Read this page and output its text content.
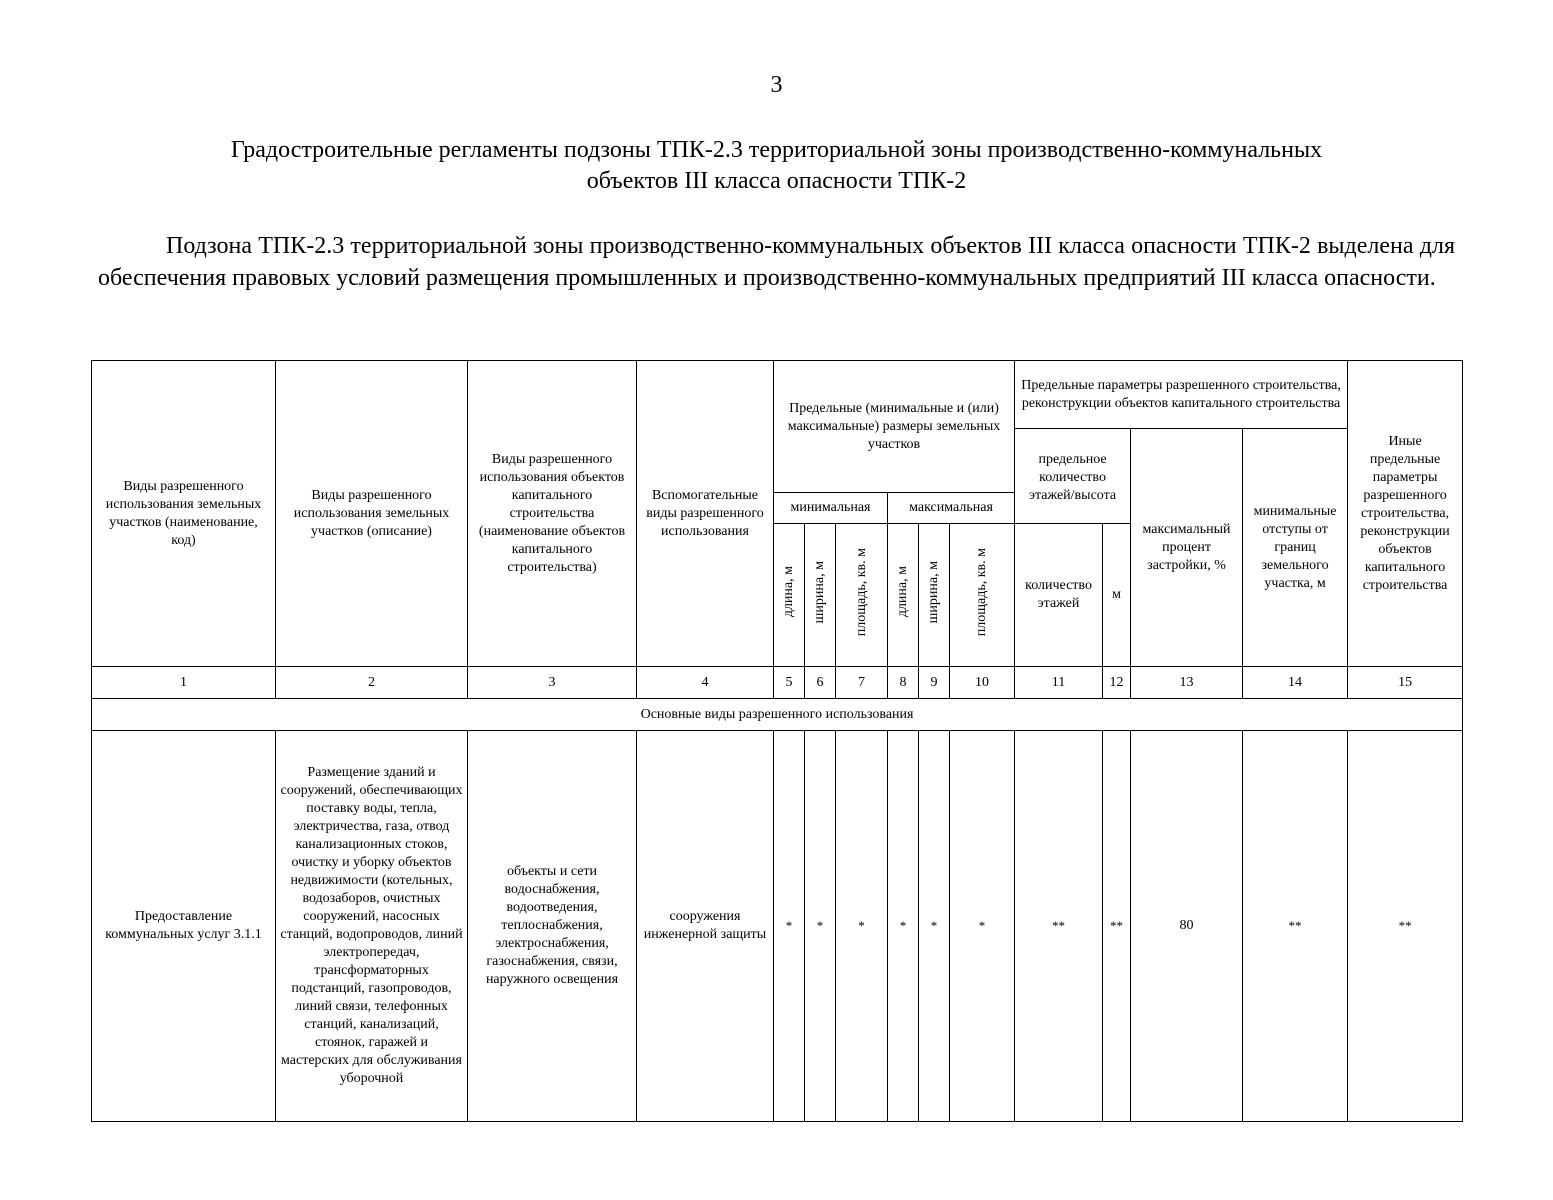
3
Градостроительные регламенты подзоны ТПК-2.3 территориальной зоны производственно-коммунальных
объектов III класса опасности ТПК-2
Подзона ТПК-2.3 территориальной зоны производственно-коммунальных объектов III класса опасности ТПК-2 выделена для обеспечения правовых условий размещения промышленных и производственно-коммунальных предприятий III класса опасности.
Виды разрешенного использования земельных участков (наименование, код)	Виды разрешенного использования земельных участков (описание)	Виды разрешенного использования объектов капитального строительства (наименование объектов капитального строительства)	Вспомогательные виды разрешенного использования	Предельные (минимальные и (или) максимальные) размеры земельных участков						Предельные параметры разрешенного строительства, реконструкции объектов капитального строительства				Иные предельные параметры разрешенного строительства, реконструкции объектов капитального строительства
										предельное количество этажей/высота		максимальный процент застройки, %	минимальные отступы от границ земельного участка, м	
				минимальная			максимальная							
				длина, м	ширина, м	площадь, кв. м	длина, м	ширина, м	площадь, кв. м	количество этажей	м			
1	2	3	4	5	6	7	8	9	10	11	12	13	14	15
Основные виды разрешенного использования														
Предоставление коммунальных услуг 3.1.1	Размещение зданий и сооружений, обеспечивающих поставку воды, тепла, электричества, газа, отвод канализационных стоков, очистку и уборку объектов недвижимости (котельных, водозаборов, очистных сооружений, насосных станций, водопроводов, линий электропередач, трансформаторных подстанций, газопроводов, линий связи, телефонных станций, канализаций, стоянок, гаражей и мастерских для обслуживания уборочной	объекты и сети водоснабжения, водоотведения, теплоснабжения, электроснабжения, газоснабжения, связи, наружного освещения	сооружения инженерной защиты	*	*	*	*	*	*	**	**	80	**	**
